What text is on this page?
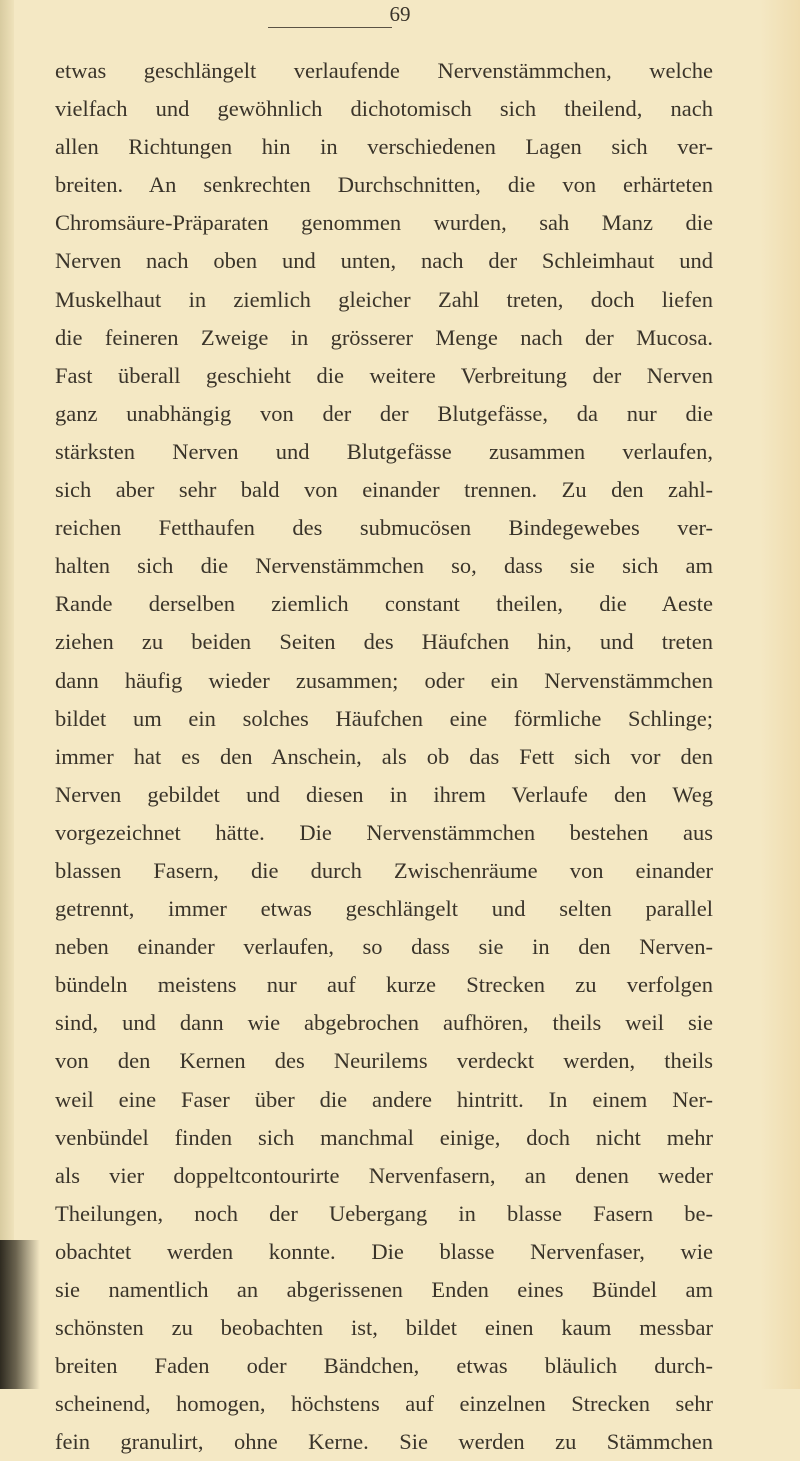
69
etwas geschlängelt verlaufende Nervenstämmchen, welche
vielfach und gewöhnlich dichotomisch sich theilend, nach
allen Richtungen hin in verschiedenen Lagen sich ver-
breiten. An senkrechten Durchschnitten, die von erhärteten
Chromsäure-Präparaten genommen wurden, sah Manz die
Nerven nach oben und unten, nach der Schleimhaut und
Muskelhaut in ziemlich gleicher Zahl treten, doch liefen
die feineren Zweige in grösserer Menge nach der Mucosa.
Fast überall geschieht die weitere Verbreitung der Nerven
ganz unabhängig von der der Blutgefässe, da nur die
stärksten Nerven und Blutgefässe zusammen verlaufen,
sich aber sehr bald von einander trennen. Zu den zahl-
reichen Fetthaufen des submucösen Bindegewebes ver-
halten sich die Nervenstämmchen so, dass sie sich am
Rande derselben ziemlich constant theilen, die Aeste
ziehen zu beiden Seiten des Häufchen hin, und treten
dann häufig wieder zusammen; oder ein Nervenstämmchen
bildet um ein solches Häufchen eine förmliche Schlinge;
immer hat es den Anschein, als ob das Fett sich vor den
Nerven gebildet und diesen in ihrem Verlaufe den Weg
vorgezeichnet hätte. Die Nervenstämmchen bestehen aus
blassen Fasern, die durch Zwischenräume von einander
getrennt, immer etwas geschlängelt und selten parallel
neben einander verlaufen, so dass sie in den Nerven-
bündeln meistens nur auf kurze Strecken zu verfolgen
sind, und dann wie abgebrochen aufhören, theils weil sie
von den Kernen des Neurilems verdeckt werden, theils
weil eine Faser über die andere hintritt. In einem Ner-
venbündel finden sich manchmal einige, doch nicht mehr
als vier doppeltcontourirte Nervenfasern, an denen weder
Theilungen, noch der Uebergang in blasse Fasern be-
obachtet werden konnte. Die blasse Nervenfaser, wie
sie namentlich an abgerissenen Enden eines Bündel am
schönsten zu beobachten ist, bildet einen kaum messbar
breiten Faden oder Bändchen, etwas bläulich durch-
scheinend, homogen, höchstens auf einzelnen Strecken sehr
fein granulirt, ohne Kerne. Sie werden zu Stämmchen
